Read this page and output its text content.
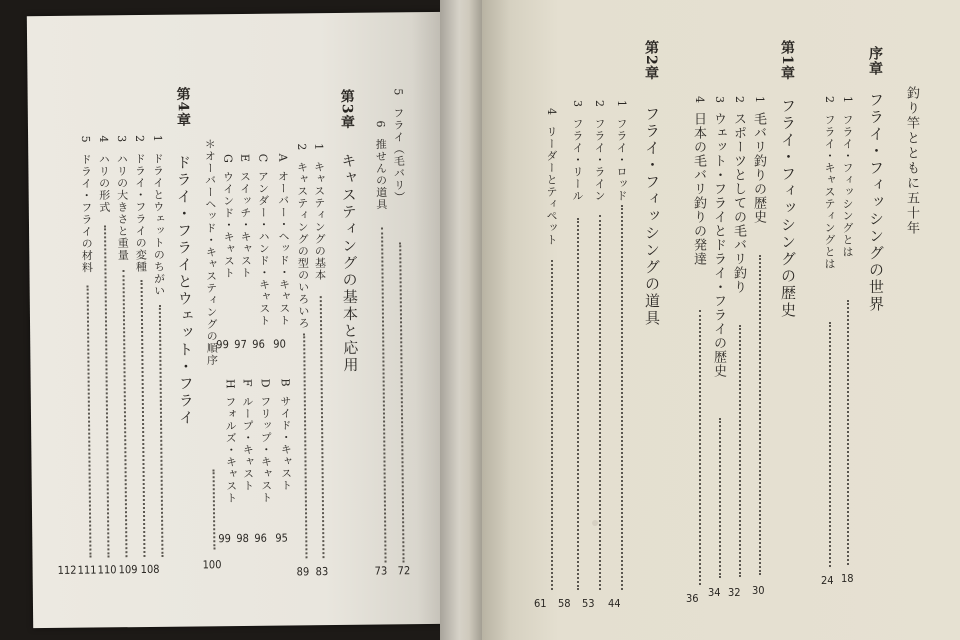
5
フライ（毛バリ）
72
6
推せんの道具
73
第3章
キャスティングの基本と応用
1
キャスティングの基本
83
2
キャスティングの型のいろいろ
89
A
オーバー・ヘッド・キャスト
90
C
アンダー・ハンド・キャスト
96
E
スイッチ・キャスト
97
G
ウインド・キャスト
99
B
サイド・キャスト
95
D
フリップ・キャスト
96
F
ループ・キャスト
98
H
フォルズ・キャスト
99
＊オーバーヘッド・キャスティングの順序
100
第4章
ドライ・フライとウェット・フライ
1
ドライとウェットのちがい
108
2
ドライ・フライの変種
109
3
ハリの大きさと重量
110
4
ハリの形式
111
5
ドライ・フライの材料
112
釣り竿とともに五十年
序章
フライ・フィッシングの世界
1
フライ・フィッシングとは
18
2
フライ・キャスティングとは
24
第1章
フライ・フィッシングの歴史
1
毛バリ釣りの歴史
30
2
スポーツとしての毛バリ釣り
32
3
ウェット・フライとドライ・フライの歴史
34
4
日本の毛バリ釣りの発達
36
第2章
フライ・フィッシングの道具
1
フライ・ロッド
44
2
フライ・ライン
53
3
フライ・リール
58
4
リーダーとティペット
61
